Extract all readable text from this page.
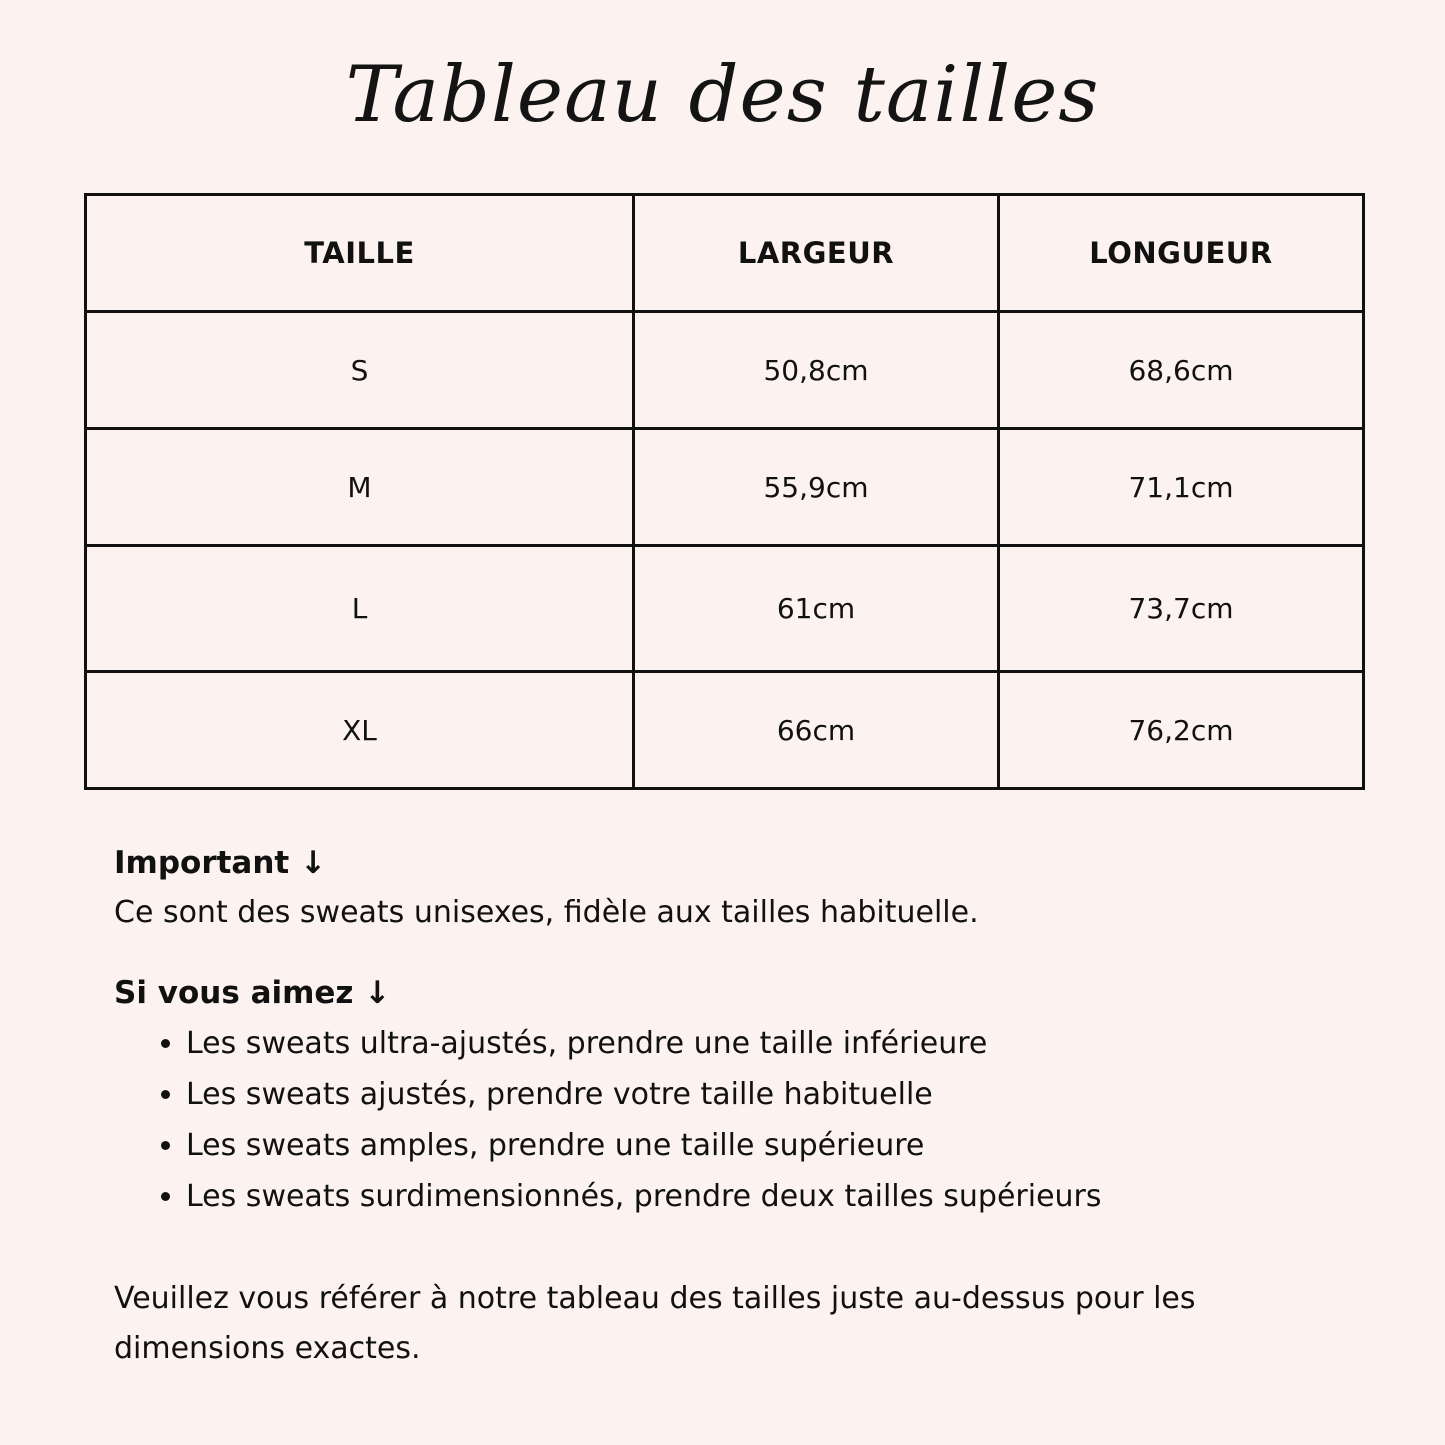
Tableau des tailles
TAILLE	LARGEUR	LONGUEUR
S	50,8cm	68,6cm
M	55,9cm	71,1cm
L	61cm	73,7cm
XL	66cm	76,2cm

Important ↓

Ce sont des sweats unisexes, fidèle aux tailles habituelle.

Si vous aimez ↓

• Les sweats ultra-ajustés, prendre une taille inférieure
• Les sweats ajustés, prendre votre taille habituelle
• Les sweats amples, prendre une taille supérieure
• Les sweats surdimensionnés, prendre deux tailles supérieurs

Veuillez vous référer à notre tableau des tailles juste au-dessus pour les dimensions exactes.
